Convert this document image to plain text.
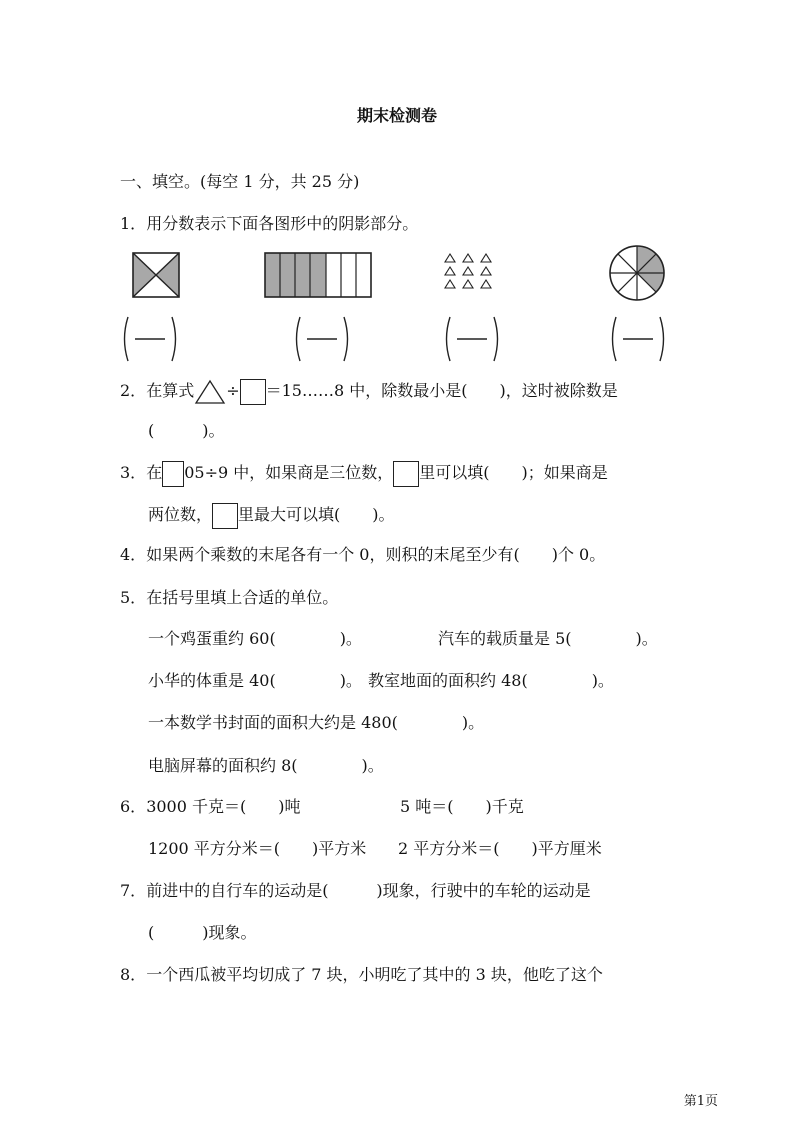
期末检测卷
一、填空。(每空 1 分，共 25 分)
1．用分数表示下面各图形中的阴影部分。
2．在算式 ÷ ＝15……8 中，除数最小是(　　)，这时被除数是
(　　　)。
3．在 05÷9 中，如果商是三位数， 里可以填(　　)；如果商是
两位数， 里最大可以填(　　)。
4．如果两个乘数的末尾各有一个 0，则积的末尾至少有(　　)个 0。
5．在括号里填上合适的单位。
一个鸡蛋重约 60(　　　　)。	汽车的载质量是 5(　　　　)。
小华的体重是 40(　　　　)。 教室地面的面积约 48(　　　　)。
一本数学书封面的面积大约是 480(　　　　)。
电脑屏幕的面积约 8(　　　　)。
6．3000 千克＝(　　)吨	5 吨＝(　　)千克
1200 平方分米＝(　　)平方米 2 平方分米＝(　　)平方厘米
7．前进中的自行车的运动是(　　　)现象，行驶中的车轮的运动是
(　　　)现象。
8．一个西瓜被平均切成了 7 块，小明吃了其中的 3 块，他吃了这个
第1页
